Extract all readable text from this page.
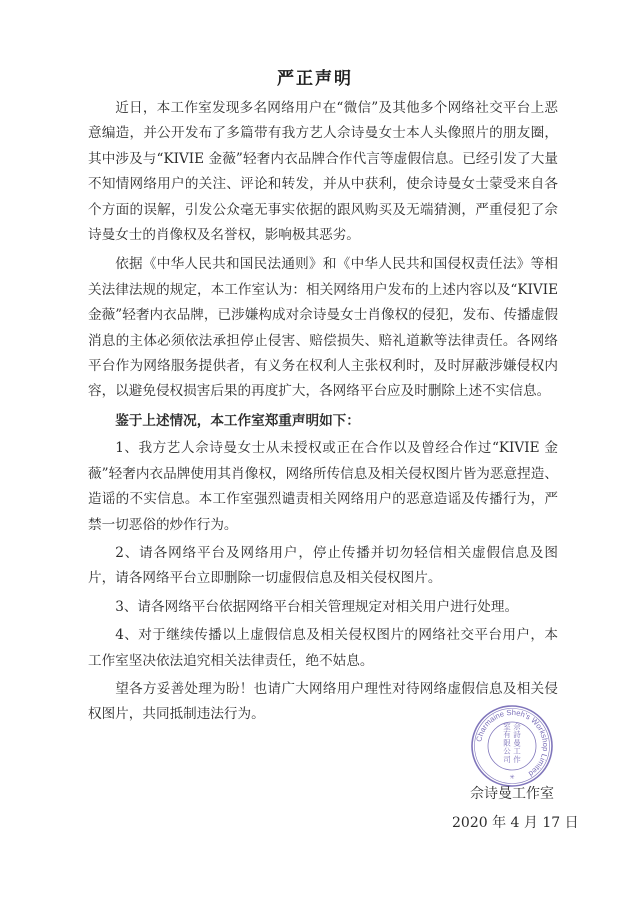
严正声明

近日，本工作室发现多名网络用户在“微信”及其他多个网络社交平台上恶意编造，并公开发布了多篇带有我方艺人佘诗曼女士本人头像照片的朋友圈，其中涉及与“KIVIE 金薇”轻奢内衣品牌合作代言等虚假信息。已经引发了大量不知情网络用户的关注、评论和转发，并从中获利，使佘诗曼女士蒙受来自各个方面的误解，引发公众毫无事实依据的跟风购买及无端猜测，严重侵犯了佘诗曼女士的肖像权及名誉权，影响极其恶劣。

依据《中华人民共和国民法通则》和《中华人民共和国侵权责任法》等相关法律法规的规定，本工作室认为：相关网络用户发布的上述内容以及“KIVIE 金薇”轻奢内衣品牌，已涉嫌构成对佘诗曼女士肖像权的侵犯，发布、传播虚假消息的主体必须依法承担停止侵害、赔偿损失、赔礼道歉等法律责任。各网络平台作为网络服务提供者，有义务在权利人主张权利时，及时屏蔽涉嫌侵权内容，以避免侵权损害后果的再度扩大，各网络平台应及时删除上述不实信息。

鉴于上述情况，本工作室郑重声明如下：

1、我方艺人佘诗曼女士从未授权或正在合作以及曾经合作过“KIVIE 金薇”轻奢内衣品牌使用其肖像权，网络所传信息及相关侵权图片皆为恶意捏造、造谣的不实信息。本工作室强烈谴责相关网络用户的恶意造谣及传播行为，严禁一切恶俗的炒作行为。

2、请各网络平台及网络用户，停止传播并切勿轻信相关虚假信息及图片，请各网络平台立即删除一切虚假信息及相关侵权图片。

3、请各网络平台依据网络平台相关管理规定对相关用户进行处理。

4、对于继续传播以上虚假信息及相关侵权图片的网络社交平台用户，本工作室坚决依法追究相关法律责任，绝不姑息。

望各方妥善处理为盼！也请广大网络用户理性对待网络虚假信息及相关侵权图片，共同抵制违法行为。

Charmaine Sheh's Workshop Limited
佘
詩
曼
工
作
室
有
限
公
司
✳
佘诗曼工作室
2020 年 4 月 17 日
